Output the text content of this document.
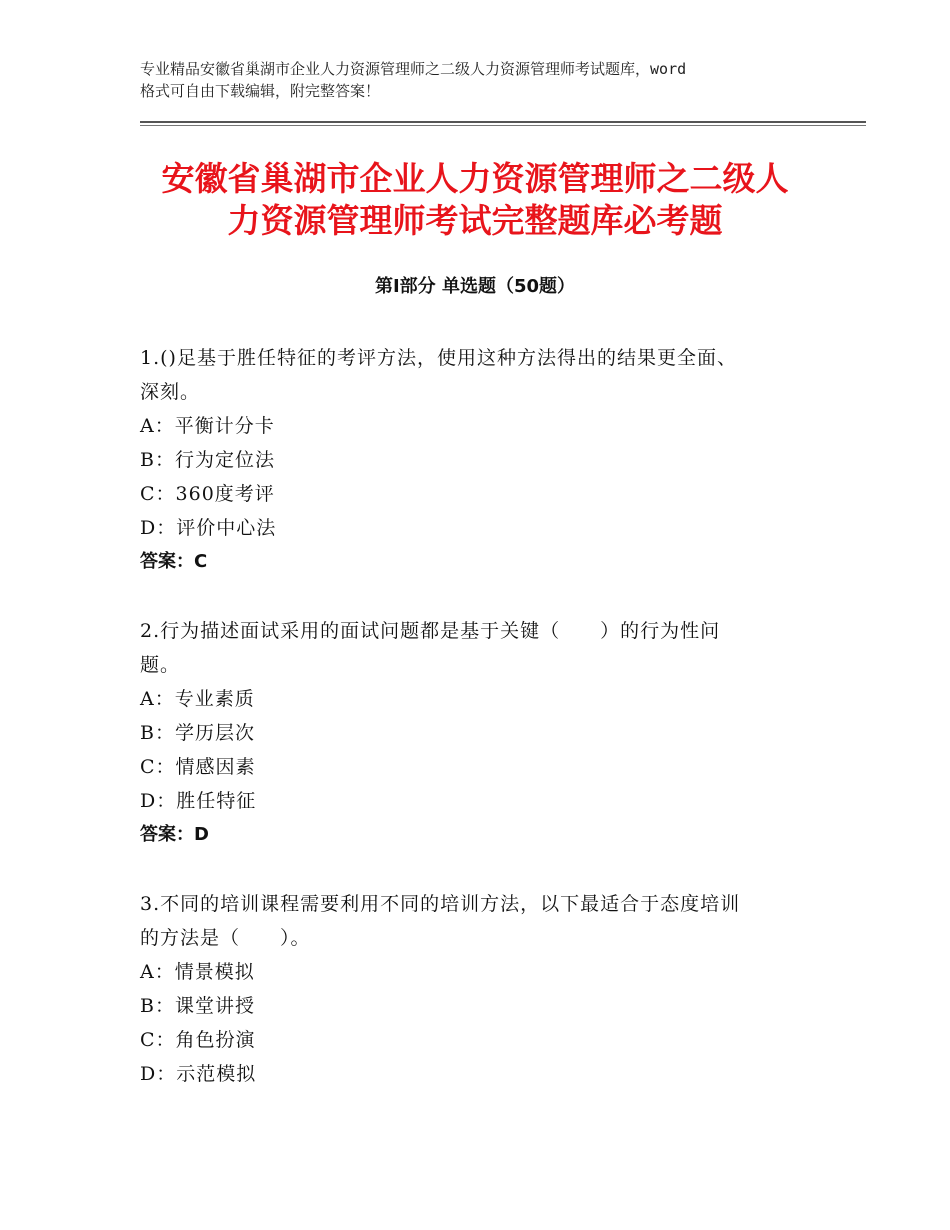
专业精品安徽省巢湖市企业人力资源管理师之二级人力资源管理师考试题库，word
格式可自由下载编辑，附完整答案！
安徽省巢湖市企业人力资源管理师之二级人
力资源管理师考试完整题库必考题
第Ⅰ部分 单选题（50题）
1.()足基于胜任特征的考评方法，使用这种方法得出的结果更全面、
深刻。
A：平衡计分卡
B：行为定位法
C：360度考评
D：评价中心法
答案：C
2.行为描述面试采用的面试问题都是基于关键（　　）的行为性问
题。
A：专业素质
B：学历层次
C：情感因素
D：胜任特征
答案：D
3.不同的培训课程需要利用不同的培训方法，以下最适合于态度培训
的方法是（　　）。
A：情景模拟
B：课堂讲授
C：角色扮演
D：示范模拟
